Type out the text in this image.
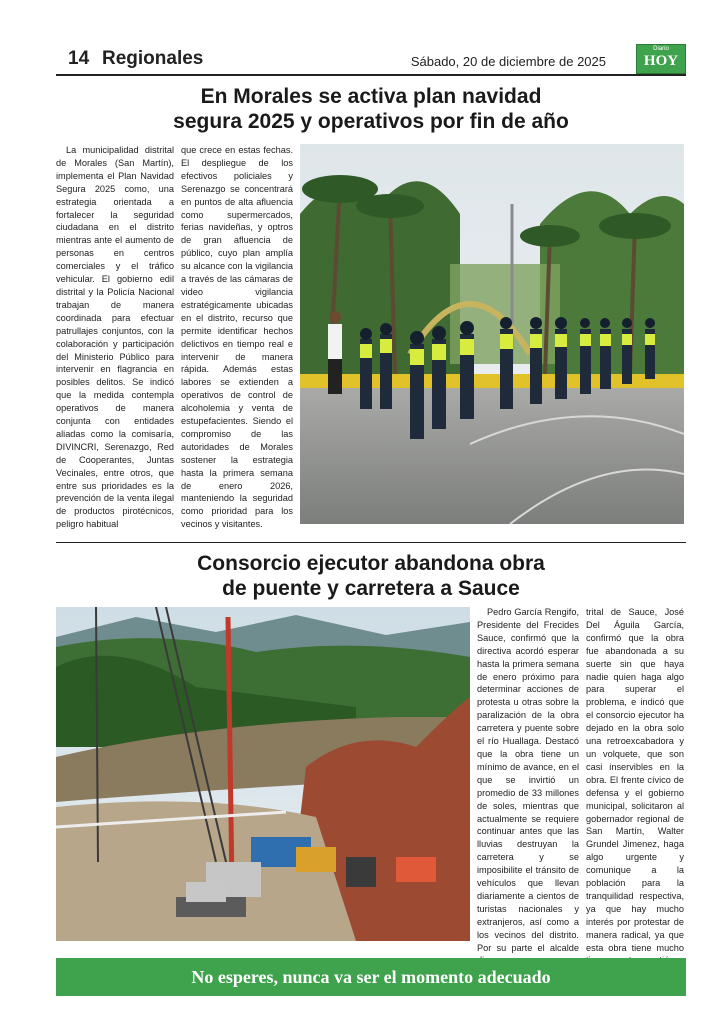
14 Regionales	Sábado, 20 de diciembre de 2025
Diario
HOY
En Morales se activa plan navidad
segura 2025 y operativos por fin de año

La municipalidad distrital de Morales (San Martín), implementa el Plan Navidad Segura 2025 como, una estrategia orientada a fortalecer la seguridad ciudadana en el distrito mientras ante el aumento de personas en centros comerciales y el tráfico vehicular. El gobierno edil distrital y la Policía Nacional trabajan de manera coordinada para efectuar patrullajes conjuntos, con la colaboración y participación del Ministerio Público para intervenir en flagrancia en posibles delitos. Se indicó que la medida contempla operativos de manera conjunta con entidades aliadas como la comisaría, DIVINCRI, Serenazgo, Red de Cooperantes, Juntas Vecinales, entre otros, que entre sus prioridades es la prevención de la venta ilegal de productos pirotécnicos, peligro habitual

que crece en estas fechas. El despliegue de los efectivos policiales y Serenazgo se concentrará en puntos de alta afluencia como supermercados, ferias navideñas, y optros de gran afluencia de público, cuyo plan amplía su alcance con la vigilancia a través de las cámaras de video vigilancia estratégicamente ubicadas en el distrito, recurso que permite identificar hechos delictivos en tiempo real e intervenir de manera rápida. Además estas labores se extienden a operativos de control de alcoholemia y venta de estupefacientes. Siendo el compromiso de las autoridades de Morales sostener la estrategia hasta la primera semana de enero 2026, manteniendo la seguridad como prioridad para los vecinos y visitantes.

Consorcio ejecutor abandona obra
de puente y carretera a Sauce

Pedro García Rengifo, Presidente del Frecides Sauce, confirmó que la directiva acordó esperar hasta la primera semana de enero próximo para determinar acciones de protesta u otras sobre la paralización de la obra carretera y puente sobre el río Huallaga. Destacó que la obra tiene un mínimo de avance, en el que se invirtió un promedio de 33 millones de soles, mientras que actualmente se requiere continuar antes que las lluvias destruyan la carretera y se imposibilite el tránsito de vehículos que llevan diariamente a cientos de turistas nacionales y extranjeros, así como a los vecinos del distrito. Por su parte el alcalde

trital de Sauce, José Del Águila García, confirmó que la obra fue abandonada a su suerte sin que haya nadie quien haga algo para superar el problema, e indicó que el consorcio ejecutor ha dejado en la obra solo una retroexcabadora y un volquete, que son casi inservibles en la obra. El frente cívico de defensa y el gobierno municipal, solicitaron al gobernador regional de San Martín, Walter Grundel Jimenez, haga algo urgente y comunique a la población para la tranquilidad respectiva, ya que hay mucho interés por protestar de manera radical, ya que esta obra tiene mucho

No esperes, nunca va ser el momento adecuado
